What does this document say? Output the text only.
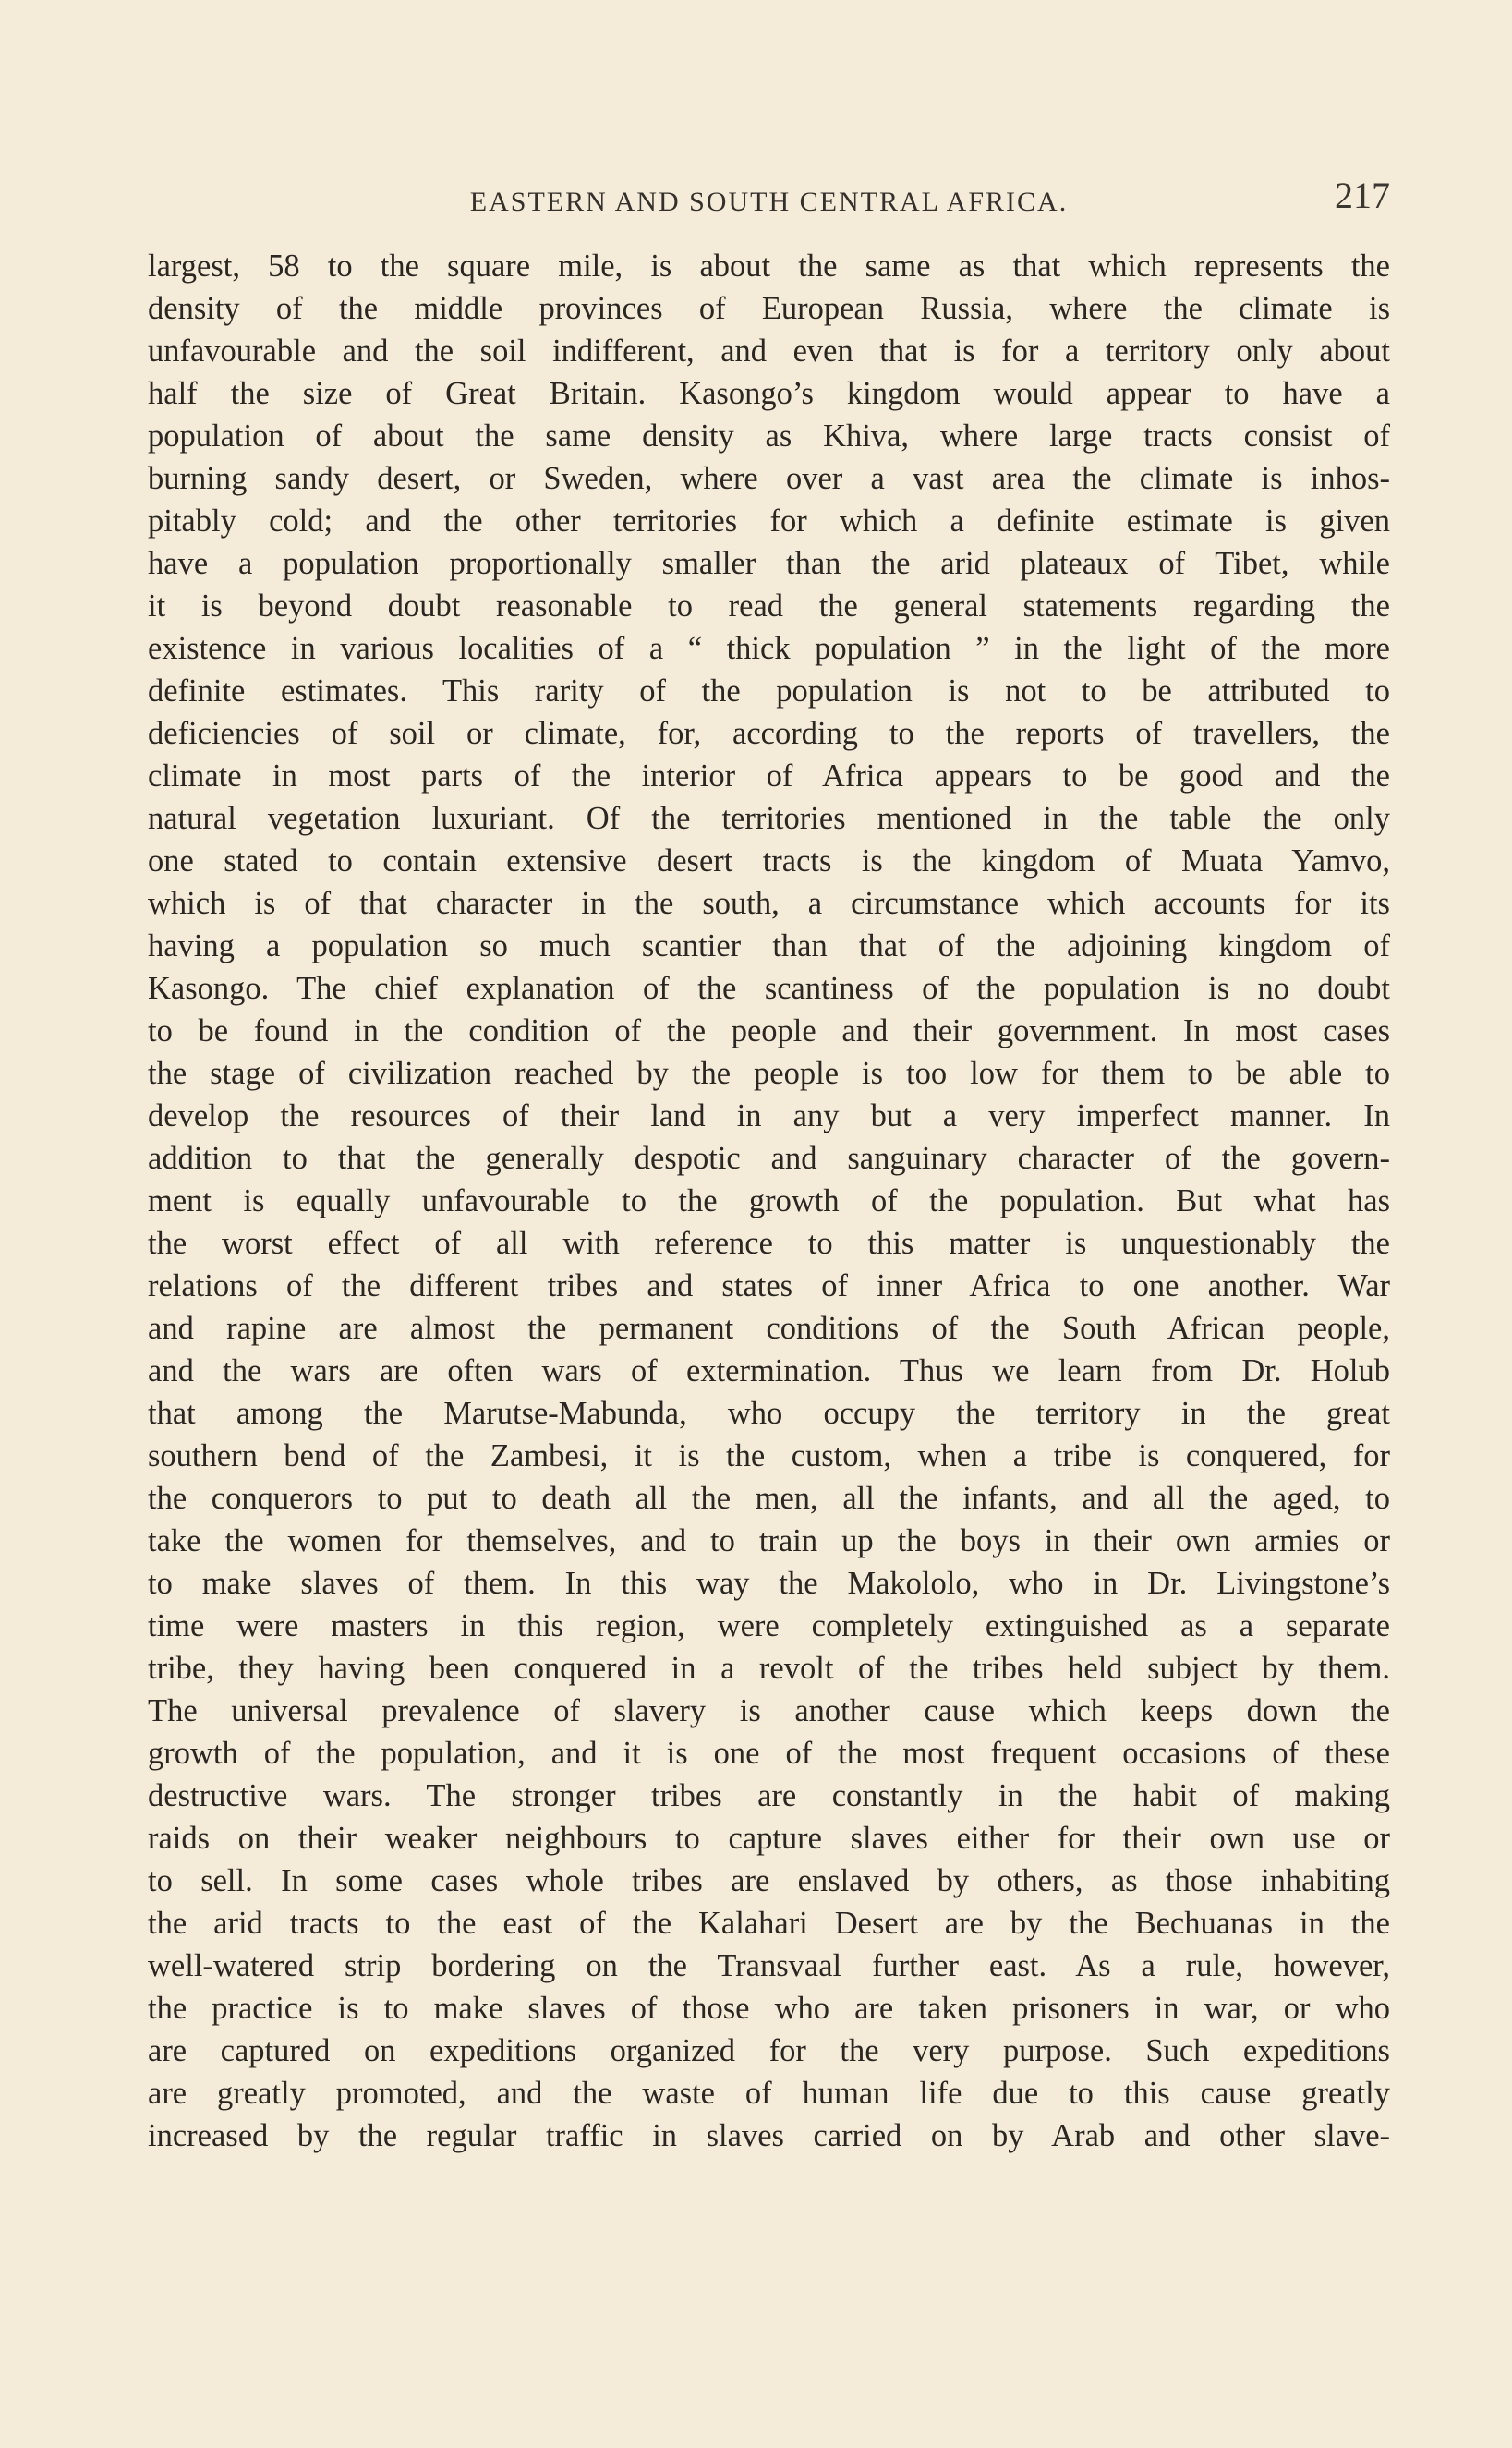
EASTERN AND SOUTH CENTRAL AFRICA.	217
largest, 58 to the square mile, is about the same as that which represents the
density of the middle provinces of European Russia, where the climate is
unfavourable and the soil indifferent, and even that is for a territory only about
half the size of Great Britain. Kasongo’s kingdom would appear to have a
population of about the same density as Khiva, where large tracts consist of
burning sandy desert, or Sweden, where over a vast area the climate is inhos-
pitably cold; and the other territories for which a definite estimate is given
have a population proportionally smaller than the arid plateaux of Tibet, while
it is beyond doubt reasonable to read the general statements regarding the
existence in various localities of a “ thick population ” in the light of the more
definite estimates. This rarity of the population is not to be attributed to
deficiencies of soil or climate, for, according to the reports of travellers, the
climate in most parts of the interior of Africa appears to be good and the
natural vegetation luxuriant. Of the territories mentioned in the table the only
one stated to contain extensive desert tracts is the kingdom of Muata Yamvo,
which is of that character in the south, a circumstance which accounts for its
having a population so much scantier than that of the adjoining kingdom of
Kasongo. The chief explanation of the scantiness of the population is no doubt
to be found in the condition of the people and their government. In most cases
the stage of civilization reached by the people is too low for them to be able to
develop the resources of their land in any but a very imperfect manner. In
addition to that the generally despotic and sanguinary character of the govern-
ment is equally unfavourable to the growth of the population. But what has
the worst effect of all with reference to this matter is unquestionably the
relations of the different tribes and states of inner Africa to one another. War
and rapine are almost the permanent conditions of the South African people,
and the wars are often wars of extermination. Thus we learn from Dr. Holub
that among the Marutse-Mabunda, who occupy the territory in the great
southern bend of the Zambesi, it is the custom, when a tribe is conquered, for
the conquerors to put to death all the men, all the infants, and all the aged, to
take the women for themselves, and to train up the boys in their own armies or
to make slaves of them. In this way the Makololo, who in Dr. Livingstone’s
time were masters in this region, were completely extinguished as a separate
tribe, they having been conquered in a revolt of the tribes held subject by them.
The universal prevalence of slavery is another cause which keeps down the
growth of the population, and it is one of the most frequent occasions of these
destructive wars. The stronger tribes are constantly in the habit of making
raids on their weaker neighbours to capture slaves either for their own use or
to sell. In some cases whole tribes are enslaved by others, as those inhabiting
the arid tracts to the east of the Kalahari Desert are by the Bechuanas in the
well-watered strip bordering on the Transvaal further east. As a rule, however,
the practice is to make slaves of those who are taken prisoners in war, or who
are captured on expeditions organized for the very purpose. Such expeditions
are greatly promoted, and the waste of human life due to this cause greatly
increased by the regular traffic in slaves carried on by Arab and other slave-
